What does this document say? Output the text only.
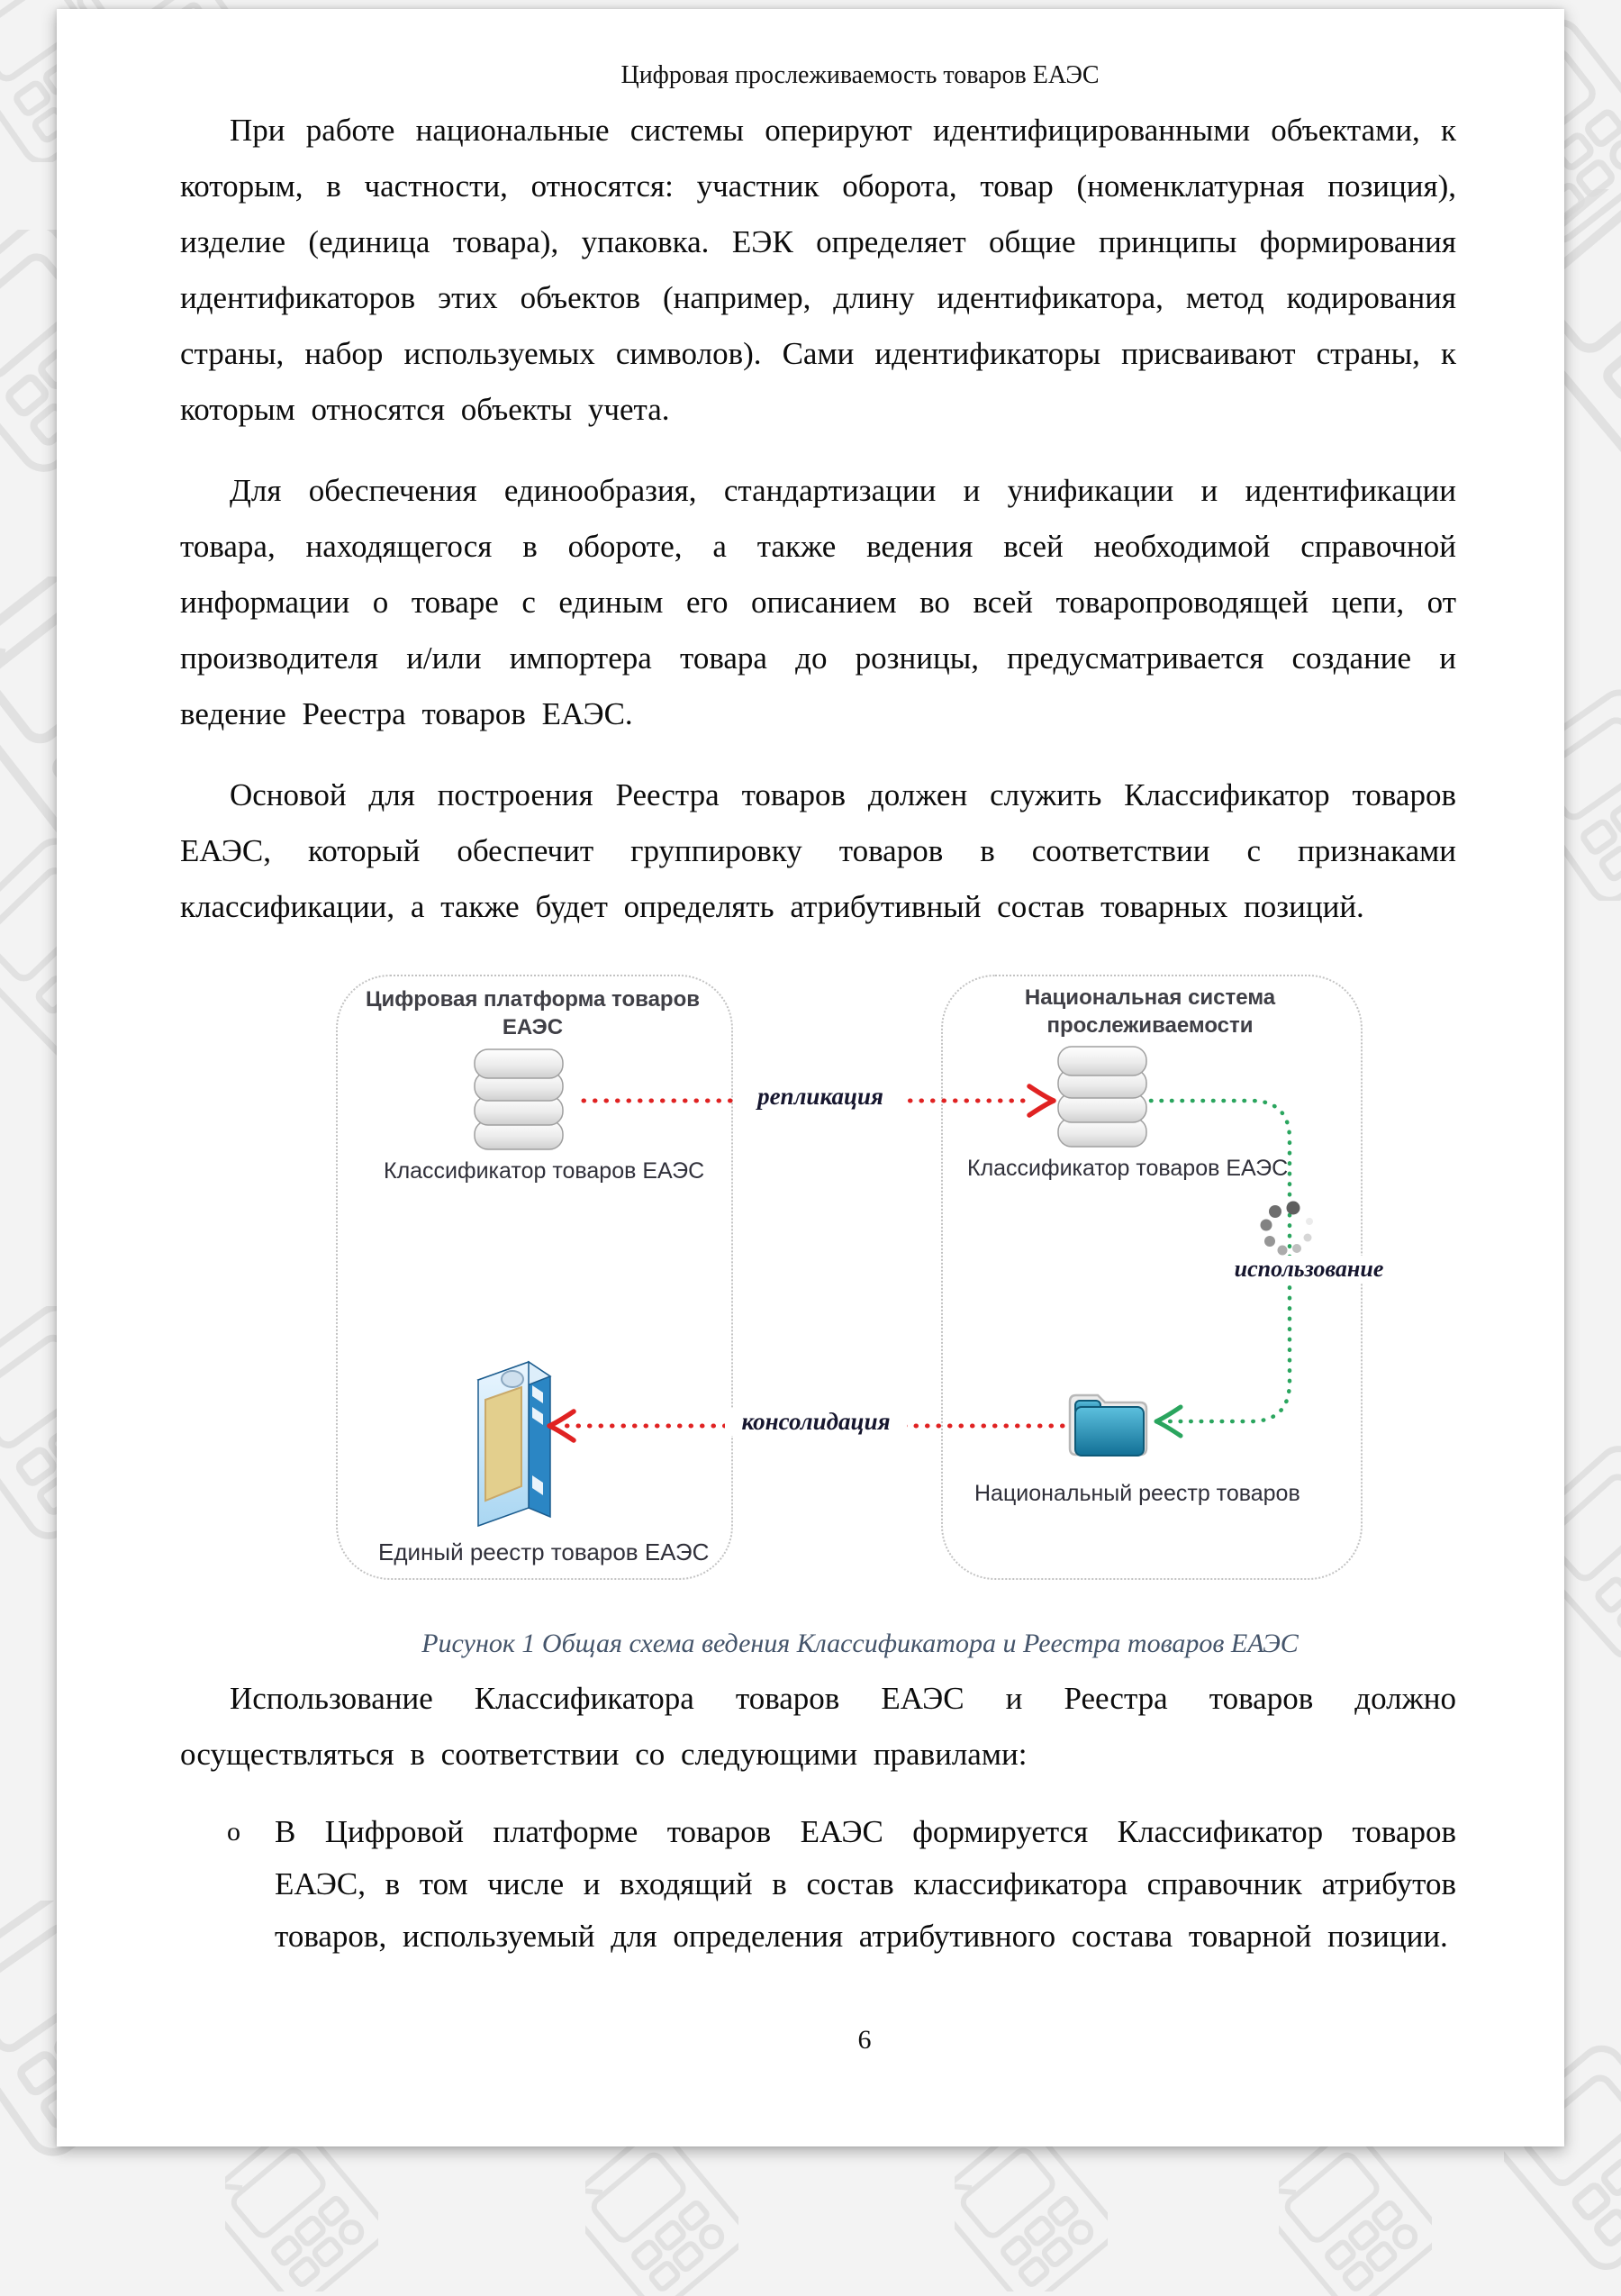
Цифровая прослеживаемость товаров ЕАЭС

При работе национальные системы оперируют идентифицированными объектами, к которым, в частности, относятся: участник оборота, товар (номенклатурная позиция), изделие (единица товара), упаковка. ЕЭК определяет общие принципы формирования идентификаторов этих объектов (например, длину идентификатора, метод кодирования страны, набор используемых символов). Сами идентификаторы присваивают страны, к которым относятся объекты учета.

Для обеспечения единообразия, стандартизации и унификации и идентификации товара, находящегося в обороте, а также ведения всей необходимой справочной информации о товаре с единым его описанием во всей товаропроводящей цепи, от производителя и/или импортера товара до розницы, предусматривается создание и ведение Реестра товаров ЕАЭС.

Основой для построения Реестра товаров должен служить Классификатор товаров ЕАЭС, который обеспечит группировку товаров в соответствии с признаками классификации, а также будет определять атрибутивный состав товарных позиций.

Цифровая платформа товаров ЕАЭС
Национальная система
прослеживаемости
Классификатор товаров ЕАЭС	Классификатор товаров ЕАЭС
Единый реестр товаров ЕАЭС
Национальный реестр товаров
репликация
консолидация
использование
Рисунок 1 Общая схема ведения Классификатора и Реестра товаров ЕАЭС

Использование Классификатора товаров ЕАЭС и Реестра товаров должно осуществляться в соответствии со следующими правилами:

o В Цифровой платформе товаров ЕАЭС формируется Классификатор товаров ЕАЭС, в том числе и входящий в состав классификатора справочник атрибутов товаров, используемый для определения атрибутивного состава товарной позиции.
6
